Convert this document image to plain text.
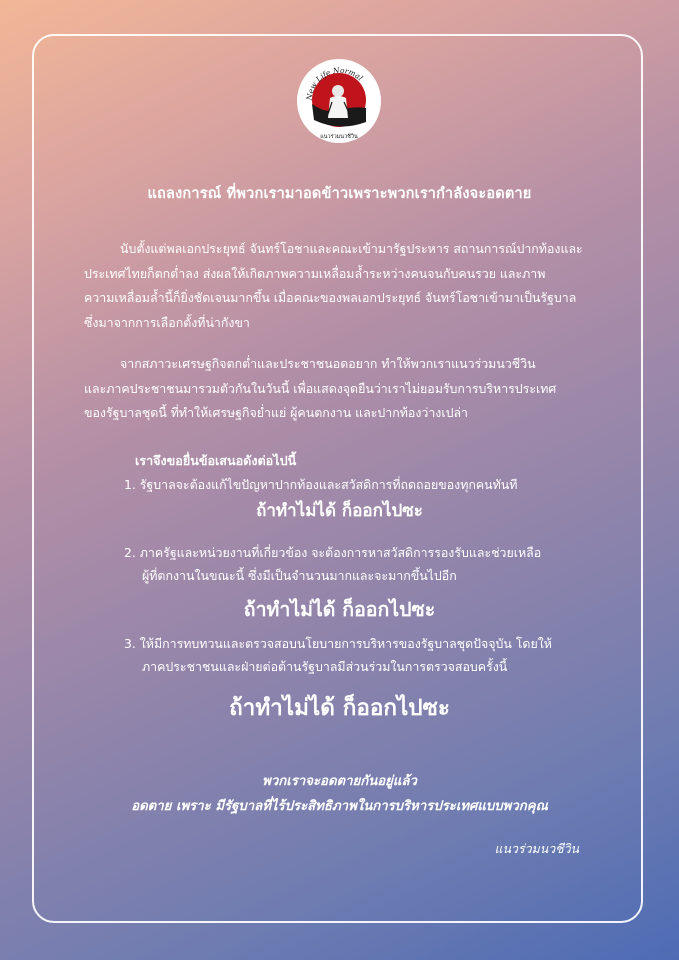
New Life Normal
แนวร่วมนวชีวิน
แถลงการณ์ ที่พวกเรามาอดข้าวเพราะพวกเรากำลังจะอดตาย
นับตั้งแต่พลเอกประยุทธ์ จันทร์โอชาและคณะเข้ามารัฐประหาร สถานการณ์ปากท้องและ
ประเทศไทยก็ตกต่ำลง ส่งผลให้เกิดภาพความเหลื่อมล้ำระหว่างคนจนกับคนรวย และภาพ
ความเหลื่อมล้ำนี้ก็ยิ่งชัดเจนมากขึ้น เมื่อคณะของพลเอกประยุทธ์ จันทร์โอชาเข้ามาเป็นรัฐบาล
ซึ่งมาจากการเลือกตั้งที่น่ากังขา
จากสภาวะเศรษฐกิจตกต่ำและประชาชนอดอยาก ทำให้พวกเราแนวร่วมนวชีวิน
และภาคประชาชนมารวมตัวกันในวันนี้ เพื่อแสดงจุดยืนว่าเราไม่ยอมรับการบริหารประเทศ
ของรัฐบาลชุดนี้ ที่ทำให้เศรษฐกิจย่ำแย่ ผู้คนตกงาน และปากท้องว่างเปล่า
เราจึงขอยื่นข้อเสนอดังต่อไปนี้
1. รัฐบาลจะต้องแก้ไขปัญหาปากท้องและสวัสดิการที่ถดถอยของทุกคนทันที
ถ้าทำไม่ได้ ก็ออกไปซะ
2. ภาครัฐและหน่วยงานที่เกี่ยวข้อง จะต้องการหาสวัสดิการรองรับและช่วยเหลือ
ผู้ที่ตกงานในขณะนี้ ซึ่งมีเป็นจำนวนมากและจะมากขึ้นไปอีก
ถ้าทำไม่ได้ ก็ออกไปซะ
3. ให้มีการทบทวนและตรวจสอบนโยบายการบริหารของรัฐบาลชุดปัจจุบัน โดยให้
ภาคประชาชนและฝ่ายต่อต้านรัฐบาลมีส่วนร่วมในการตรวจสอบครั้งนี้
ถ้าทำไม่ได้ ก็ออกไปซะ
พวกเราจะอดตายกันอยู่แล้ว
อดตาย เพราะ มีรัฐบาลที่ไร้ประสิทธิภาพในการบริหารประเทศแบบพวกคุณ
แนวร่วมนวชีวิน
